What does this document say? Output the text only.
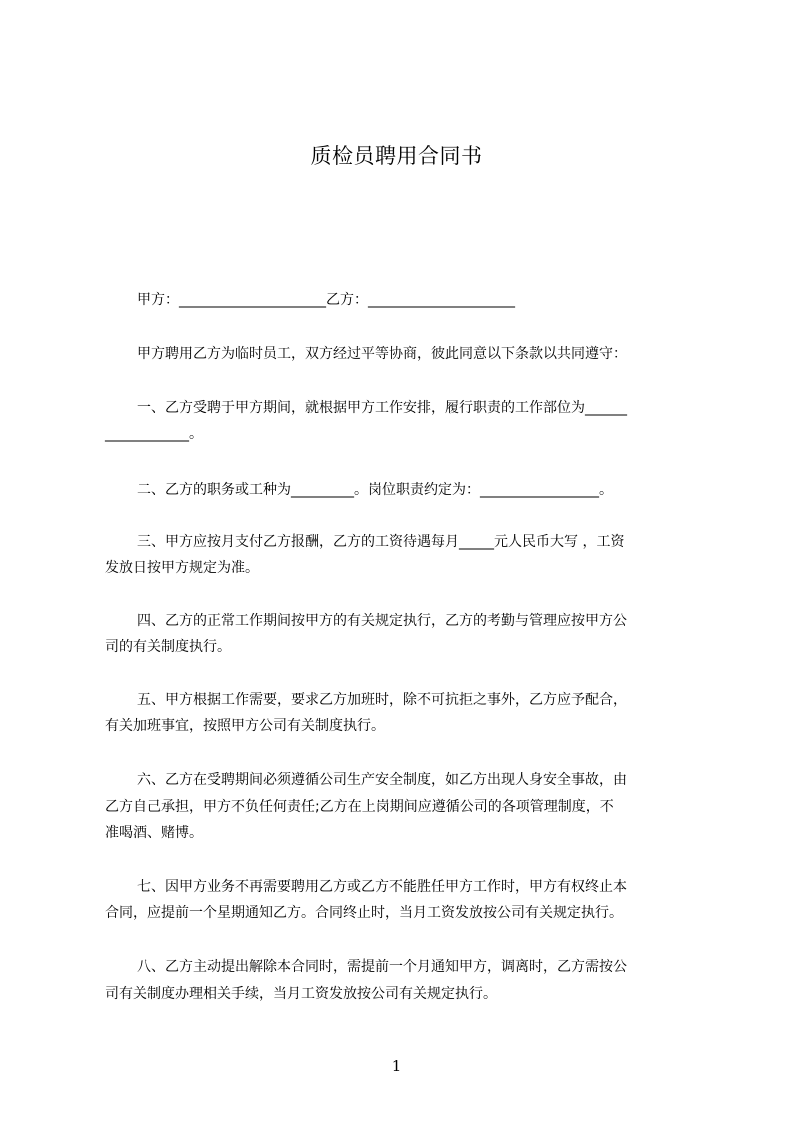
质检员聘用合同书
甲方：_____________________乙方：_____________________
甲方聘用乙方为临时员工，双方经过平等协商，彼此同意以下条款以共同遵守：
一、乙方受聘于甲方期间，就根据甲方工作安排，履行职责的工作部位为______
____________。
二、乙方的职务或工种为_________。岗位职责约定为：_________________。
三、甲方应按月支付乙方报酬，乙方的工资待遇每月_____元人民币大写 ，工资
发放日按甲方规定为准。
四、乙方的正常工作期间按甲方的有关规定执行，乙方的考勤与管理应按甲方公
司的有关制度执行。
五、甲方根据工作需要，要求乙方加班时，除不可抗拒之事外，乙方应予配合，
有关加班事宜，按照甲方公司有关制度执行。
六、乙方在受聘期间必须遵循公司生产安全制度，如乙方出现人身安全事故，由
乙方自己承担，甲方不负任何责任;乙方在上岗期间应遵循公司的各项管理制度，不
准喝酒、赌博。
七、因甲方业务不再需要聘用乙方或乙方不能胜任甲方工作时，甲方有权终止本
合同，应提前一个星期通知乙方。合同终止时，当月工资发放按公司有关规定执行。
八、乙方主动提出解除本合同时，需提前一个月通知甲方，调离时，乙方需按公
司有关制度办理相关手续，当月工资发放按公司有关规定执行。
1
